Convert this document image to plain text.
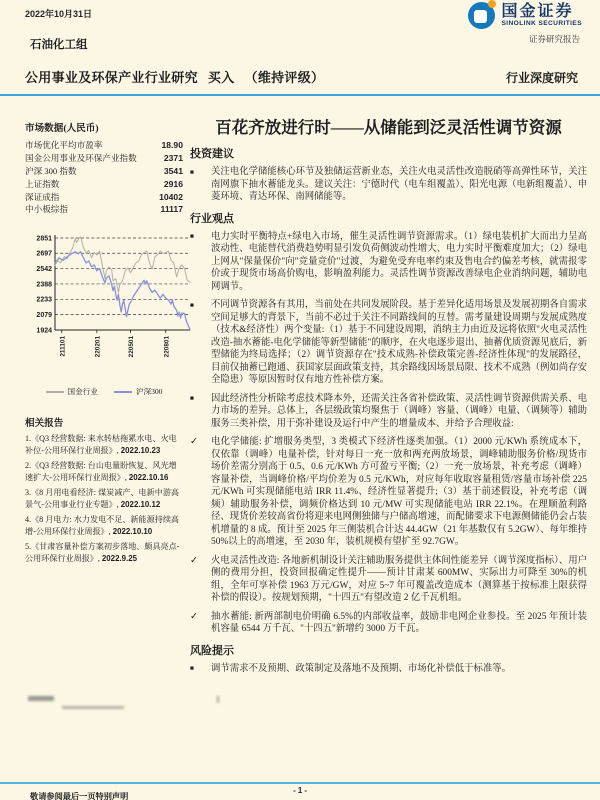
2022年10月31日	国金证券
SINOLINK SECURITIES
证券研究报告
石油化工组
公用事业及环保产业行业研究 买入 （维持评级）	行业深度研究
市场数据(人民币)
市场优化平均市盈率	18.90
国金公用事业及环保产业指数	2371
沪深 300 指数	3541
上证指数	2916
深证成指	10402
中小板综指	11117
2851
2697
2542
2388
2233
2079
1924
211101	220201	220501	220801
国金行业	沪深300
相关报告
1.《Q3 经营数据: 来水转枯拖累水电、火电补位-公用环保行业周报》, 2022.10.23
2.《Q3 经营数据: 台山电量盼恢复、风光增速扩大-公用环保行业周报》, 2022.10.16
3.《8 月用电看经济: 煤炭减产、电新中游高景气-公用事业行业专题》, 2022.10.12
4.《8 月电力: 水力发电不足、新能源持续高增-公用环保行业周报》, 2022.10.10
5.《甘肃容量补偿方案初步落地、颇具亮点-公用环保行业周报》, 2022.9.25
百花齐放进行时——从储能到泛灵活性调节资源
投资建议
■	关注电化学储能核心环节及独储运营新业态，关注火电灵活性改造脱硝等高弹性环节，关注南网旗下抽水蓄能龙头。建议关注：宁德时代（电车组覆盖）、阳光电源（电新组覆盖）、申菱环境、青达环保、南网储能等。
行业观点
■	电力实时平衡特点+绿电入市场，催生灵活性调节资源需求。（1）绿电装机扩大而出力呈高波动性、电能替代消费趋势明显引发负荷侧波动性增大、电力实时平衡难度加大；（2）绿电上网从"保量保价"向"竞量竞价"过渡，为避免受弃电率约束及售电合约偏差考核，就需报零价或于现货市场高价购电，影响盈利能力。灵活性调节资源改善绿电企业消纳问题，辅助电网调节。
■	不同调节资源各有其用，当前处在共同发展阶段。基于差异化适用场景及发展初期各自需求空间足够大的背景下，当前不必过于关注不同路线间的互替。需考量建设周期与发展成熟度（技术&经济性）两个变量:（1）基于不同建设周期，消纳主力由近及远将依照"火电灵活性改造-抽水蓄能-电化学储能等新型储能"的顺序，在火电逐步退出、抽蓄优质资源见底后，新型储能为终局选择；（2）调节资源存在"技术成熟-补偿政策完善-经济性体现"的发展路径，目前仅抽蓄已跑通、获国家层面政策支持，其余路线因场景局限、技术不成熟（例如尚存安全隐患）等原因暂时仅有地方性补偿方案。
■	因此经济性分析除考虑技术降本外，还需关注各省补偿政策、灵活性调节资源供需关系、电力市场的差异。总体上，各层级政策均聚焦于（调峰）容量、（调峰）电量、（调频等）辅助服务三类补偿，用于弥补建设及运行中产生的增量成本、并给予合理收益:
✓	电化学储能: 扩增服务类型，3 类模式下经济性逐类加强。（1）2000 元/KWh 系统成本下，仅依靠（调峰）电量补偿，针对每日一充一放和两充两放场景，调峰辅助服务价格/现货市场价差需分别高于 0.5、0.6 元/KWh 方可盈亏平衡;（2）一充一放场景，补充考虑（调峰）容量补偿，当调峰价格/平均价差为 0.5 元/KWh，对应每年收取容量租赁/容量市场补偿 225 元/KWh 可实现储能电站 IRR 11.4%、经济性显著提升;（3）基于前述假设，补充考虑（调频）辅助服务补偿，调频价格达到 10 元/MW 可实现储能电站 IRR 22.1%。在理顺盈利路径、现货价差较高省份将迎来电网侧独储与户储高增速，而配储要求下电源侧储能仍会占装机增量的 8 成。预计至 2025 年三侧装机合计达 44.4GW（21 年基数仅有 5.2GW）、每年维持 50%以上的高增速，至 2030 年，装机规模有望扩至 92.7GW。
✓	火电灵活性改造: 各地新机制设计关注辅助服务提供主体间性能差异（调节深度指标）、用户侧的费用分担，投资回报确定性提升——预计甘肃某 600MW、实际出力可降至 30%的机组，全年可享补偿 1963 万元/GW，对应 5~7 年可覆盖改造成本（测算基于按标准上限获得补偿的假设）。按规划预期，"十四五"有望改造 2 亿千瓦机组。
✓	抽水蓄能: 新两部制电价明确 6.5%的内部收益率，鼓励非电网企业参投。至 2025 年预计装机容量 6544 万千瓦、"十四五"新增约 3000 万千瓦。
风险提示
■	调节需求不及预期、政策制定及落地不及预期、市场化补偿低于标准等。
- 1 -
敬请参阅最后一页特别声明
